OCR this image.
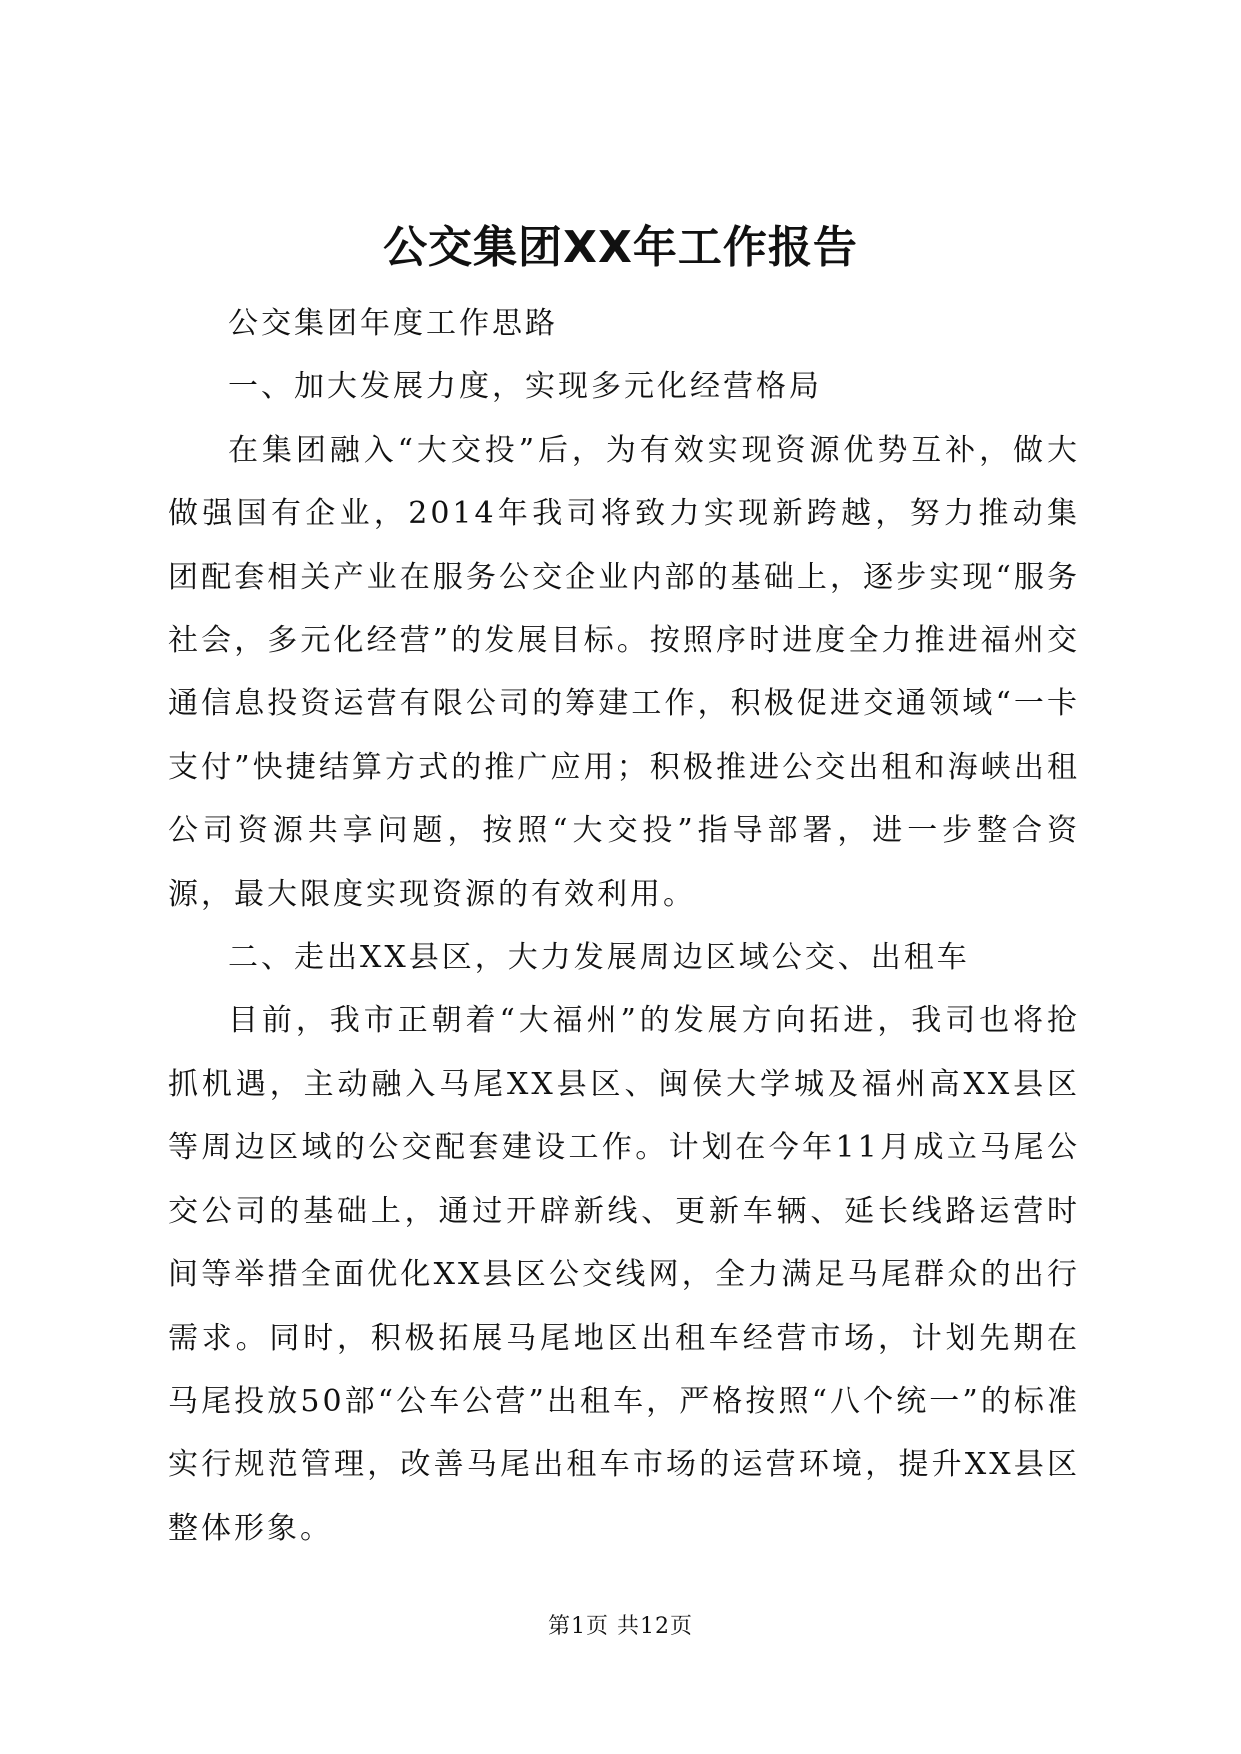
公交集团XX年工作报告

公交集团年度工作思路

一、加大发展力度，实现多元化经营格局

在集团融入“大交投”后，为有效实现资源优势互补，做大做强国有企业，2014年我司将致力实现新跨越，努力推动集团配套相关产业在服务公交企业内部的基础上，逐步实现“服务社会，多元化经营”的发展目标。按照序时进度全力推进福州交通信息投资运营有限公司的筹建工作，积极促进交通领域“一卡支付”快捷结算方式的推广应用；积极推进公交出租和海峡出租公司资源共享问题，按照“大交投”指导部署，进一步整合资源，最大限度实现资源的有效利用。

二、走出XX县区，大力发展周边区域公交、出租车

目前，我市正朝着“大福州”的发展方向拓进，我司也将抢抓机遇，主动融入马尾XX县区、闽侯大学城及福州高XX县区等周边区域的公交配套建设工作。计划在今年11月成立马尾公交公司的基础上，通过开辟新线、更新车辆、延长线路运营时间等举措全面优化XX县区公交线网，全力满足马尾群众的出行需求。同时，积极拓展马尾地区出租车经营市场，计划先期在马尾投放50部“公车公营”出租车，严格按照“八个统一”的标准实行规范管理，改善马尾出租车市场的运营环境，提升XX县区整体形象。

第1页 共12页
